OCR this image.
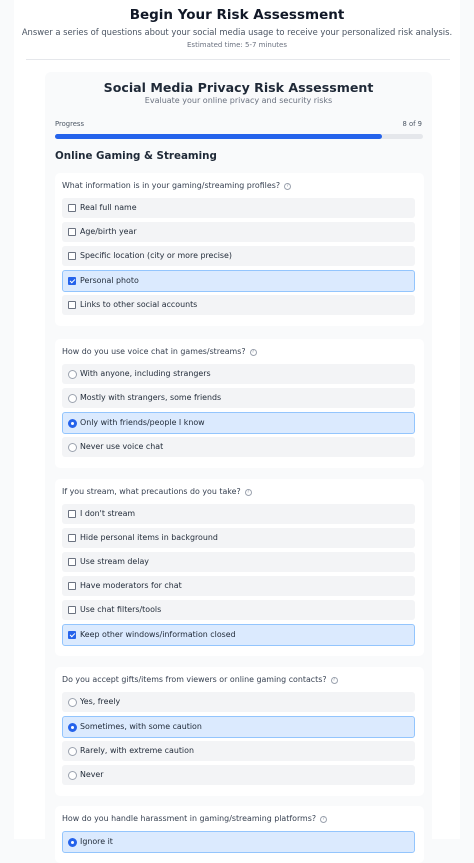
Begin Your Risk Assessment
Answer a series of questions about your social media usage to receive your personalized risk analysis.
Estimated time: 5-7 minutes
Social Media Privacy Risk Assessment
Evaluate your online privacy and security risks
Progress	8 of 9
Online Gaming & Streaming
What information is in your gaming/streaming profiles? ?
Real full name
Age/birth year
Specific location (city or more precise)
Personal photo
Links to other social accounts
How do you use voice chat in games/streams? ?
With anyone, including strangers
Mostly with strangers, some friends
Only with friends/people I know
Never use voice chat
If you stream, what precautions do you take? ?
I don't stream
Hide personal items in background
Use stream delay
Have moderators for chat
Use chat filters/tools
Keep other windows/information closed
Do you accept gifts/items from viewers or online gaming contacts? ?
Yes, freely
Sometimes, with some caution
Rarely, with extreme caution
Never
How do you handle harassment in gaming/streaming platforms? ?
Ignore it
